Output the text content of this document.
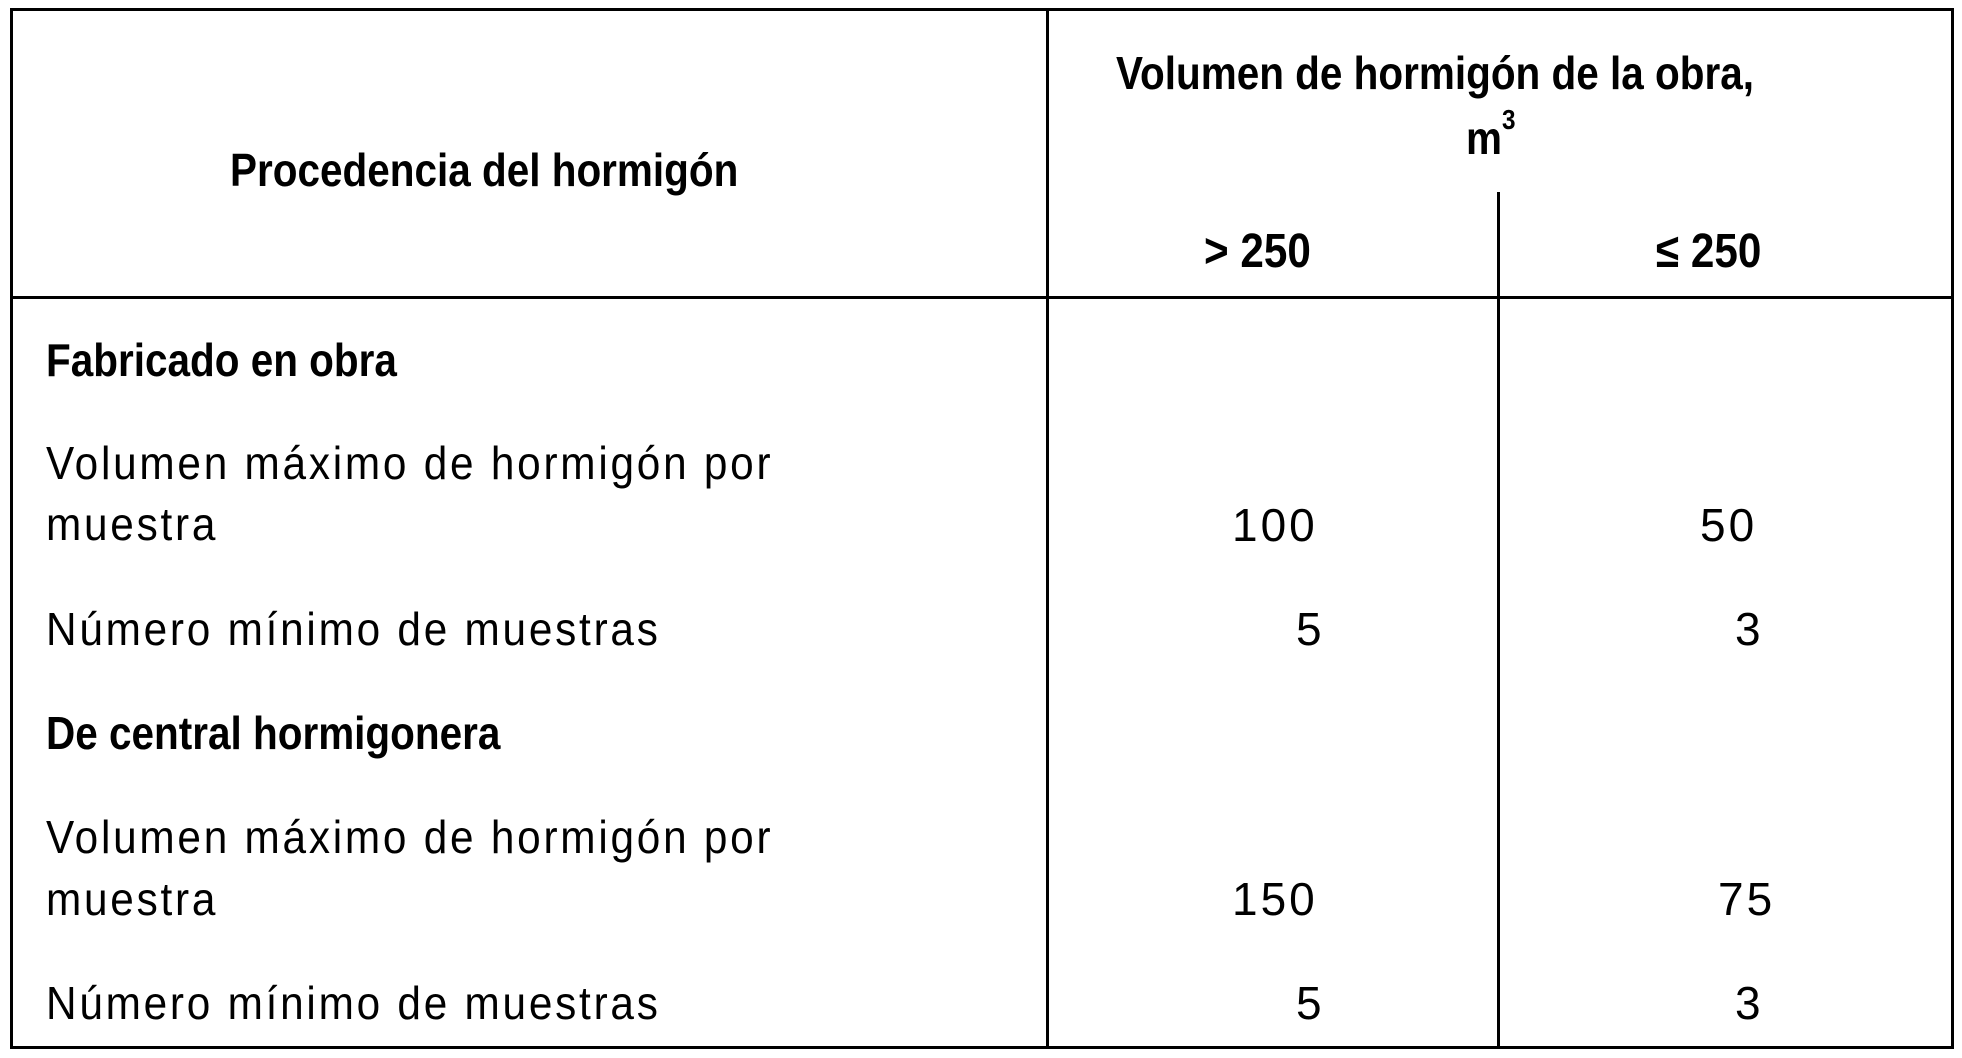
Procedencia del hormigón
Volumen de hormigón de la obra,
$m^3$
> 250	≤ 250
Fabricado en obra
Volumen máximo de hormigón por
muestra	100	50
Número mínimo de muestras	5	3
De central hormigonera
Volumen máximo de hormigón por
muestra	150	75
Número mínimo de muestras	5	3
